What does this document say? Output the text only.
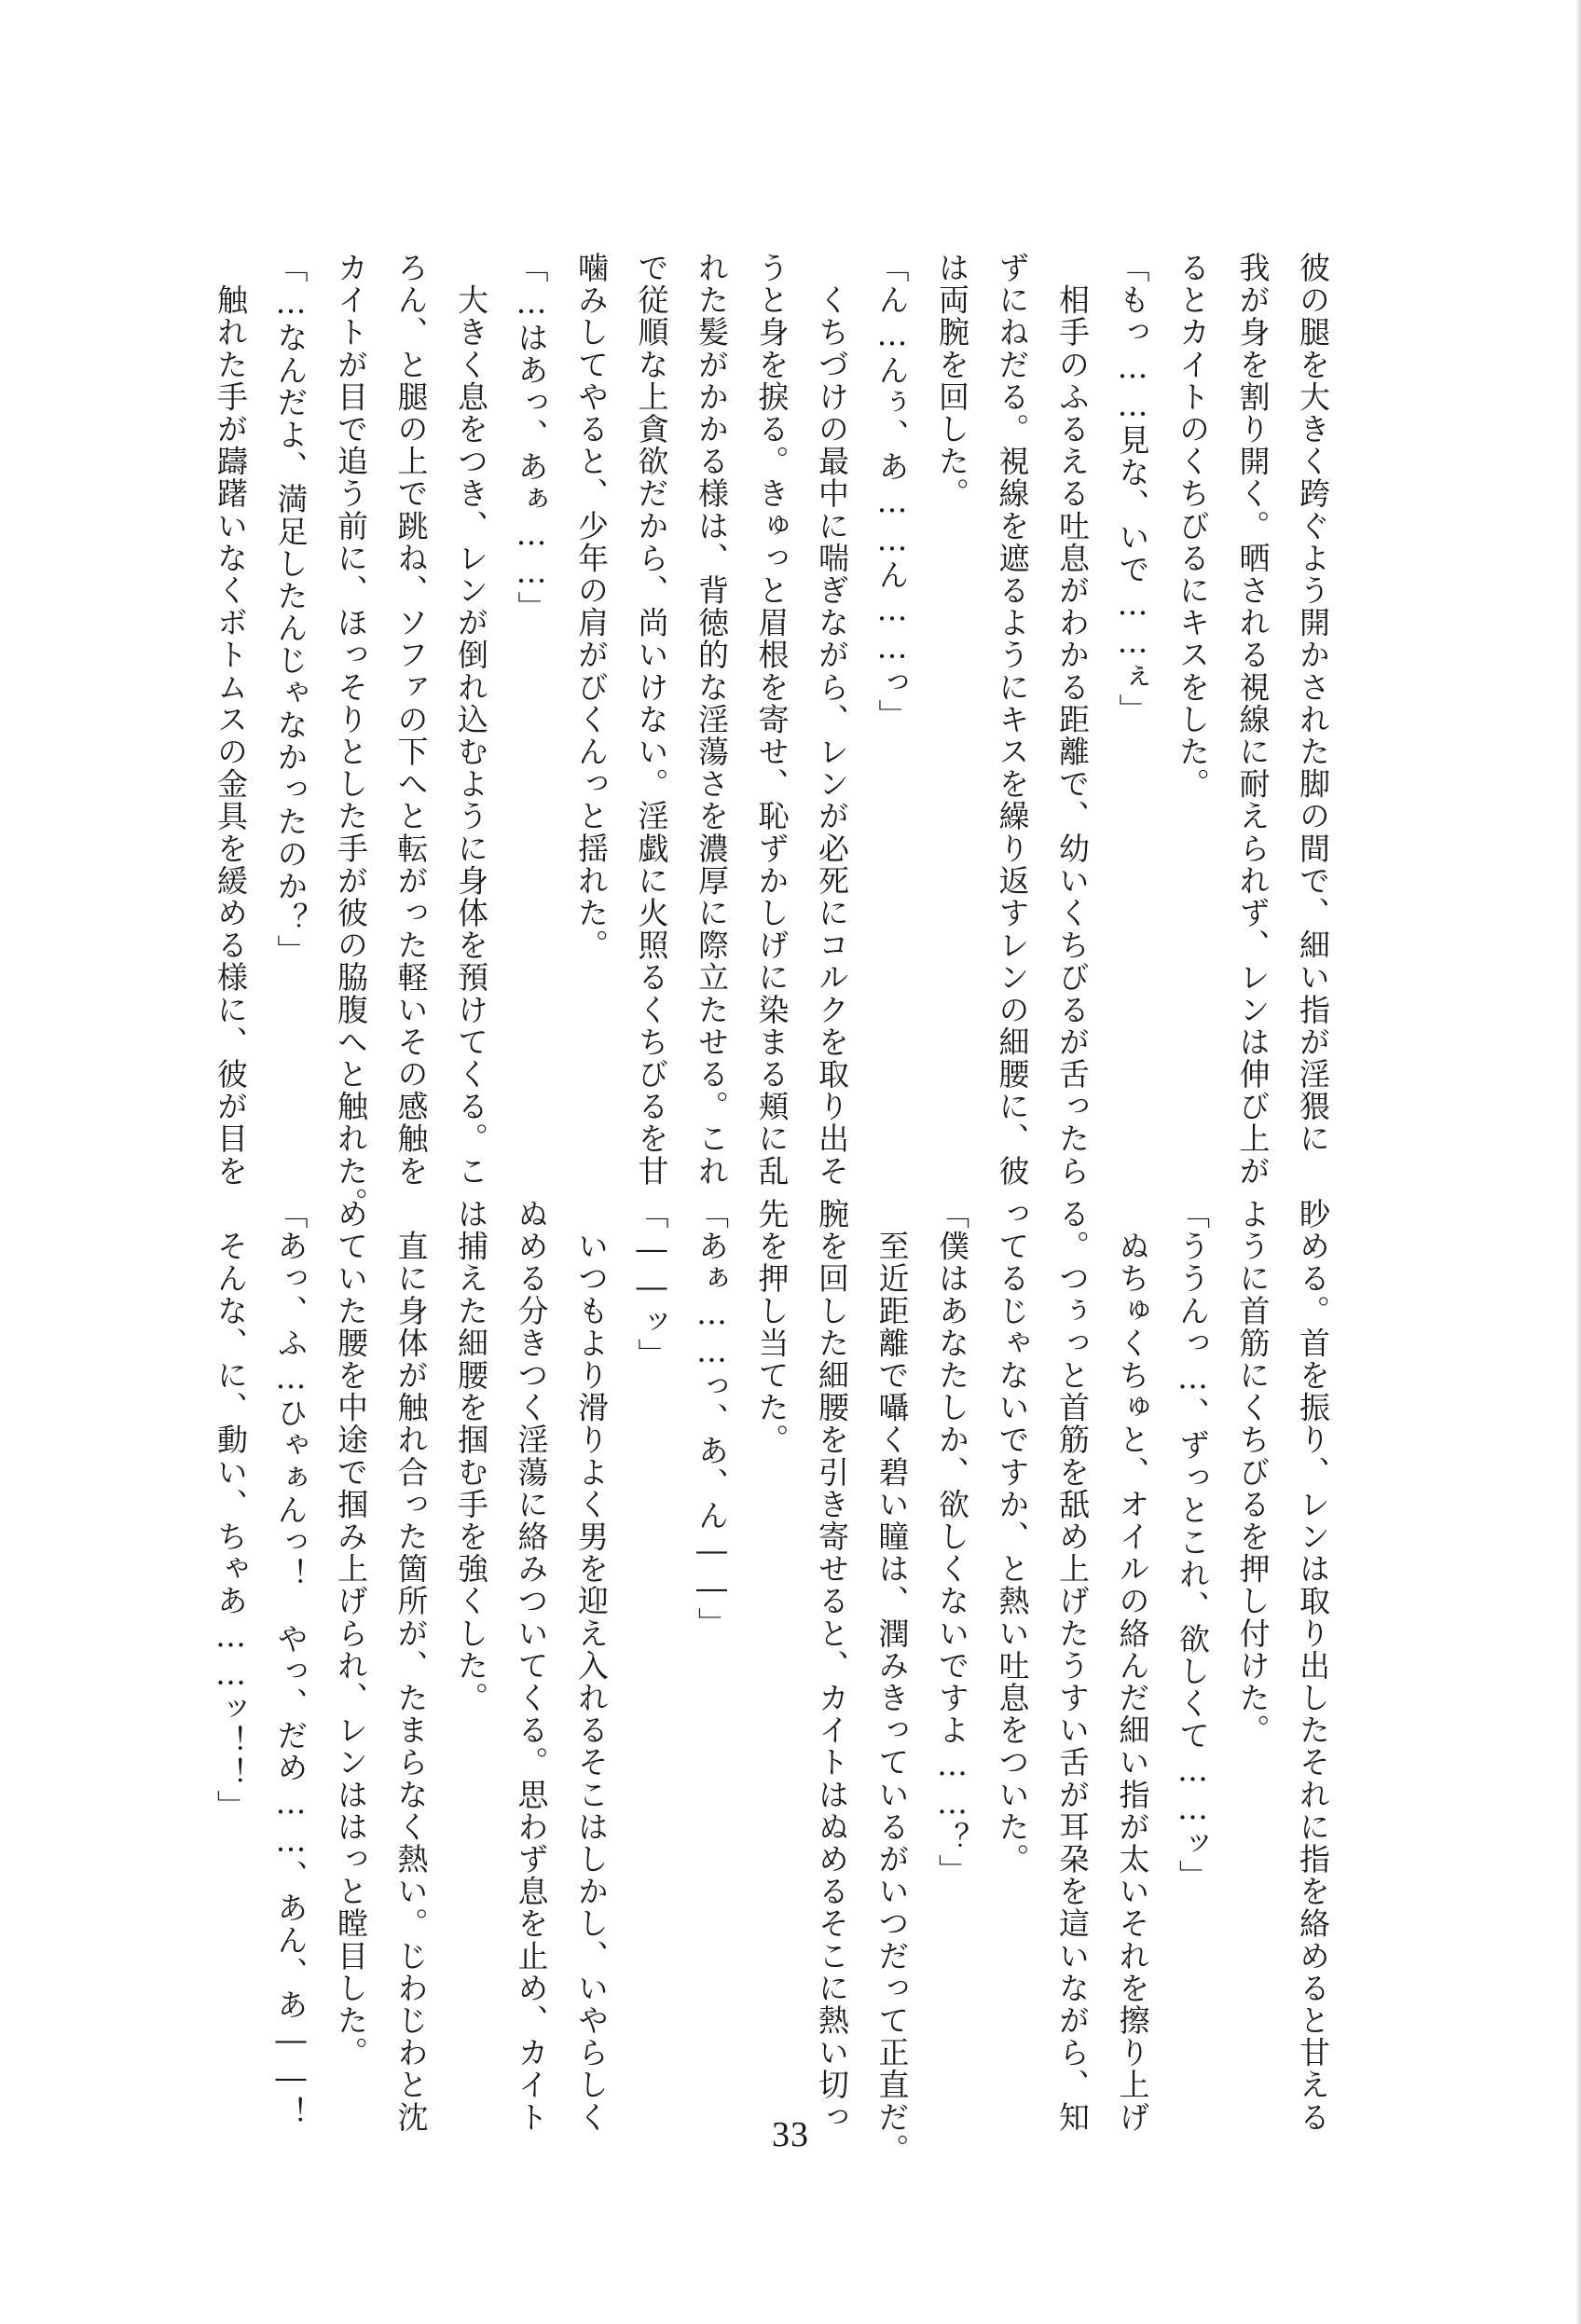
彼の腿を大きく跨ぐよう開かされた脚の間で、細い指が淫猥に
我が身を割り開く。晒される視線に耐えられず、レンは伸び上が
るとカイトのくちびるにキスをした。
「もっ……見な、いで……ぇ」
　相手のふるえる吐息がわかる距離で、幼いくちびるが舌ったら
ずにねだる。視線を遮るようにキスを繰り返すレンの細腰に、彼
は両腕を回した。
「ん…んぅ、あ……ん……っ」
　くちづけの最中に喘ぎながら、レンが必死にコルクを取り出そ
うと身を捩る。きゅっと眉根を寄せ、恥ずかしげに染まる頬に乱
れた髪がかかる様は、背徳的な淫蕩さを濃厚に際立たせる。これ
で従順な上貪欲だから、尚いけない。淫戯に火照るくちびるを甘
噛みしてやると、少年の肩がびくんっと揺れた。
「…はあっ、あぁ……」
　大きく息をつき、レンが倒れ込むように身体を預けてくる。こ
ろん、と腿の上で跳ね、ソファの下へと転がった軽いその感触を
カイトが目で追う前に、ほっそりとした手が彼の脇腹へと触れた。
「…なんだよ、満足したんじゃなかったのか？」
　触れた手が躊躇いなくボトムスの金具を緩める様に、彼が目を
眇める。首を振り、レンは取り出したそれに指を絡めると甘える
ように首筋にくちびるを押し付けた。
「ううんっ…、ずっとこれ、欲しくて……ッ」
　ぬちゅくちゅと、オイルの絡んだ細い指が太いそれを擦り上げ
る。つぅっと首筋を舐め上げたうすい舌が耳朶を這いながら、知
ってるじゃないですか、と熱い吐息をついた。
「僕はあなたしか、欲しくないですよ……？」
　至近距離で囁く碧い瞳は、潤みきっているがいつだって正直だ。
腕を回した細腰を引き寄せると、カイトはぬめるそこに熱い切っ
先を押し当てた。
「あぁ……っ、あ、ん――」
「――ッ」
　いつもより滑りよく男を迎え入れるそこはしかし、いやらしく
ぬめる分きつく淫蕩に絡みついてくる。思わず息を止め、カイト
は捕えた細腰を掴む手を強くした。
　直に身体が触れ合った箇所が、たまらなく熱い。じわじわと沈
めていた腰を中途で掴み上げられ、レンははっと瞠目した。
「あっ、ふ…ひゃぁんっ！　やっ、だめ……、あん、あ――！
　そんな、に、動い、ちゃあ……ッ！！」
33
